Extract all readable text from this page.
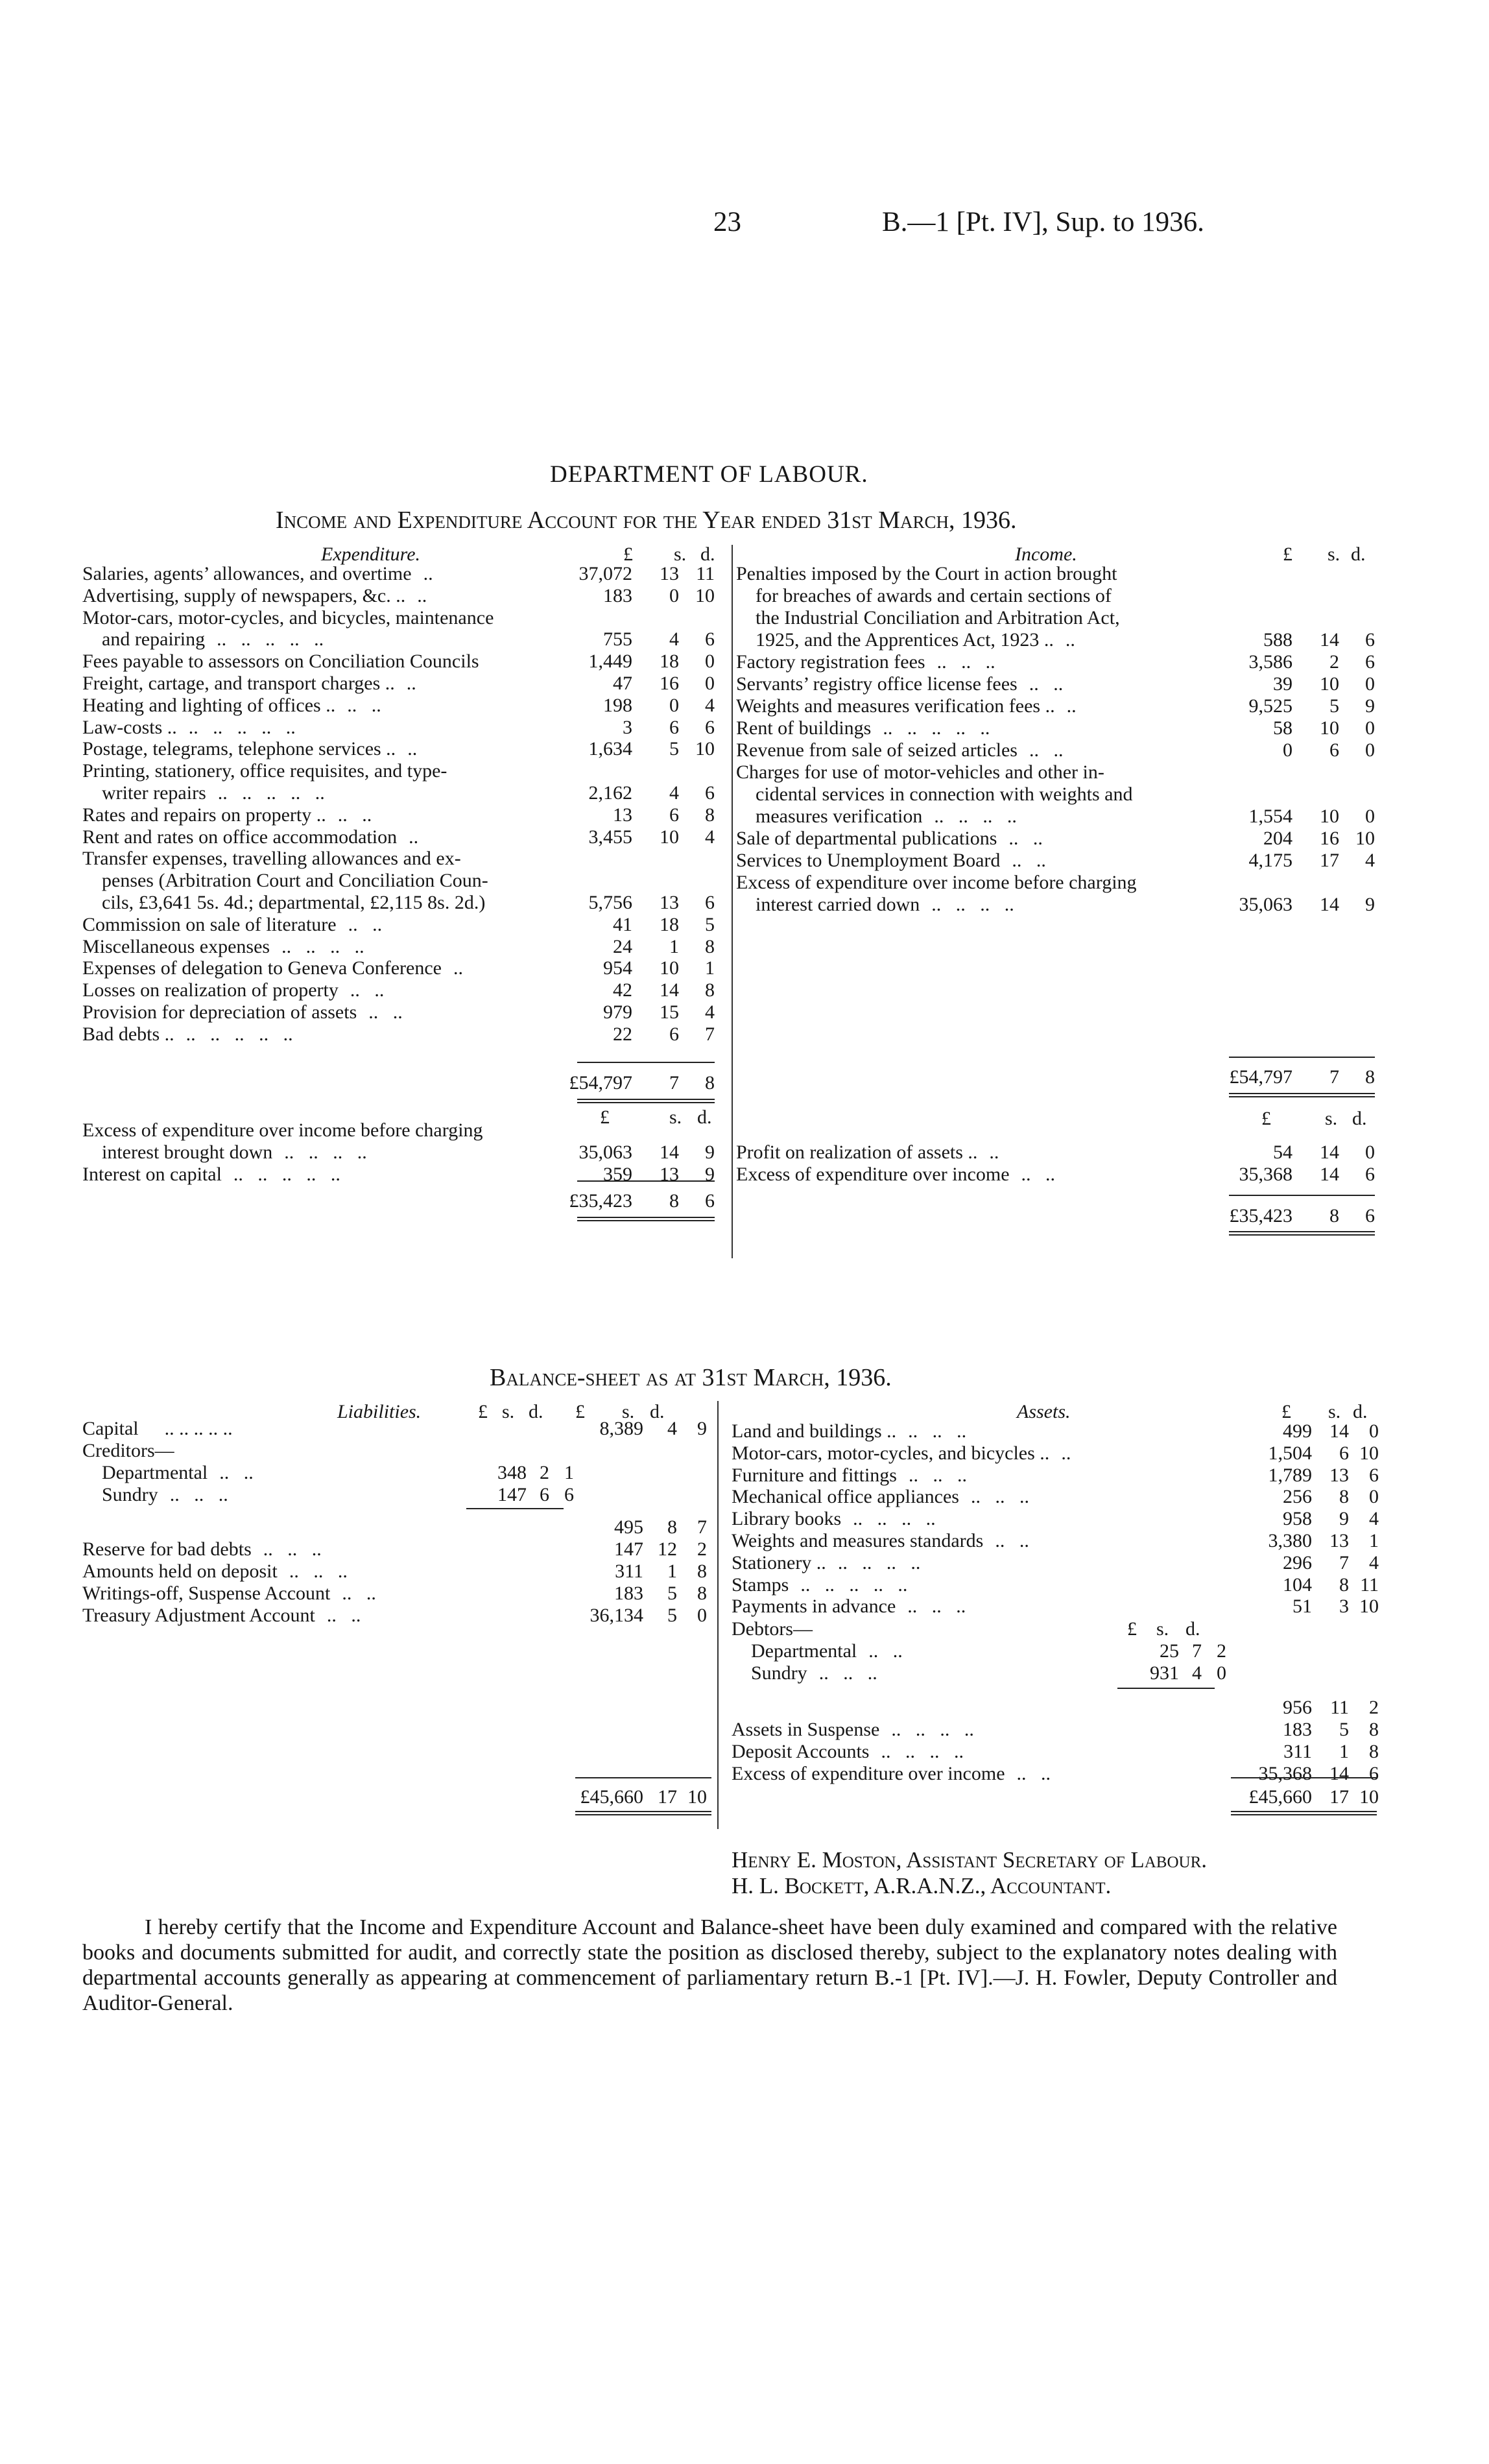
23	B.—1 [Pt. IV], Sup. to 1936.
DEPARTMENT OF LABOUR.
Income and Expenditure Account for the Year ended 31st March, 1936.
Expenditure.	£ s. d.
Salaries, agents’ allowances, and overtime ..	37,072	13 11
Advertising, supply of newspapers, &c. .. ..	183	0 10
Motor-cars, motor-cycles, and bicycles, maintenance
and repairing ..   ..   ..   ..   ..	755	4	6
Fees payable to assessors on Conciliation Councils	1,449	18	0
Freight, cartage, and transport charges .. ..	47	16	0
Heating and lighting of offices .. ..   ..	198	0	4
Law-costs .. ..   ..   ..   ..   ..	3	6	6
Postage, telegrams, telephone services .. ..	1,634	5 10
Printing, stationery, office requisites, and type-
writer repairs ..   ..   ..   ..   ..	2,162	4	6
Rates and repairs on property .. ..   ..	13	6	8
Rent and rates on office accommodation ..	3,455	10	4
Transfer expenses, travelling allowances and ex-
penses (Arbitration Court and Conciliation Coun-
cils, £3,641 5s. 4d.; departmental, £2,115 8s. 2d.)	5,756	13	6
Commission on sale of literature ..   ..	41	18	5
Miscellaneous expenses ..   ..   ..   ..	24	1	8
Expenses of delegation to Geneva Conference ..	954	10	1
Losses on realization of property ..   ..	42	14	8
Provision for depreciation of assets ..   ..	979	15	4
Bad debts .. ..   ..   ..   ..   ..	22	6	7
£54,797	7	8
£	s. d.
Excess of expenditure over income before charging
interest brought down ..   ..   ..   ..	35,063	14	9
Interest on capital ..   ..   ..   ..   ..	359	13	9
£35,423	8	6
Income.	£ s. d.
Penalties imposed by the Court in action brought
for breaches of awards and certain sections of
the Industrial Conciliation and Arbitration Act,
1925, and the Apprentices Act, 1923 .. ..	588	14	6
Factory registration fees ..   ..   ..	3,586	2	6
Servants’ registry office license fees ..   ..	39	10	0
Weights and measures verification fees .. ..	9,525	5	9
Rent of buildings ..   ..   ..   ..   ..	58	10	0
Revenue from sale of seized articles ..   ..	0	6	0
Charges for use of motor-vehicles and other in-
cidental services in connection with weights and
measures verification ..   ..   ..   ..	1,554	10	0
Sale of departmental publications ..   ..	204	16 10
Services to Unemployment Board ..   ..	4,175	17	4
Excess of expenditure over income before charging
interest carried down ..   ..   ..   ..	35,063	14	9
£54,797	7	8
£	s. d.
Profit on realization of assets .. ..	54	14	0
Excess of expenditure over income ..   ..	35,368	14	6
£35,423	8	6
Balance-sheet as at 31st March, 1936.
Liabilities.	£ s. d. £ s. d.
Capital .. .. .. .. ..	8,389	4	9
Creditors—
Departmental ..   ..	348 2 1
Sundry ..   ..   ..	147 6 6
495	8	7
Reserve for bad debts ..   ..   ..	147 12	2
Amounts held on deposit ..   ..   ..	311	1	8
Writings-off, Suspense Account ..   ..	183	5	8
Treasury Adjustment Account ..   ..	36,134	5	0
£45,660 17 10
Assets.	£ s. d.
Land and buildings .. ..   ..   ..	499 14	0
Motor-cars, motor-cycles, and bicycles .. ..	1,504	6 10
Furniture and fittings ..   ..   ..	1,789 13	6
Mechanical office appliances ..   ..   ..	256	8	0
Library books ..   ..   ..   ..	958	9	4
Weights and measures standards ..   ..	3,380 13	1
Stationery .. ..   ..   ..   ..	296	7	4
Stamps ..   ..   ..   ..   ..	104	8 11
Payments in advance ..   ..   ..	51	3 10
Debtors—	£ s. d.
Departmental ..   ..	25 7 2
Sundry ..   ..   ..	931 4 0
956 11	2
Assets in Suspense ..   ..   ..   ..	183	5	8
Deposit Accounts ..   ..   ..   ..	311	1	8
Excess of expenditure over income ..   ..	35,368 14	6
£45,660 17 10
Henry E. Moston, Assistant Secretary of Labour.
H. L. Bockett, A.R.A.N.Z., Accountant.
I hereby certify that the Income and Expenditure Account and Balance-sheet have been duly examined and compared with the relative books and documents submitted for audit, and correctly state the position as disclosed thereby, subject to the explanatory notes dealing with departmental accounts generally as appearing at commencement of parliamentary return B.-1 [Pt. IV].—J. H. Fowler, Deputy Controller and Auditor-General.
